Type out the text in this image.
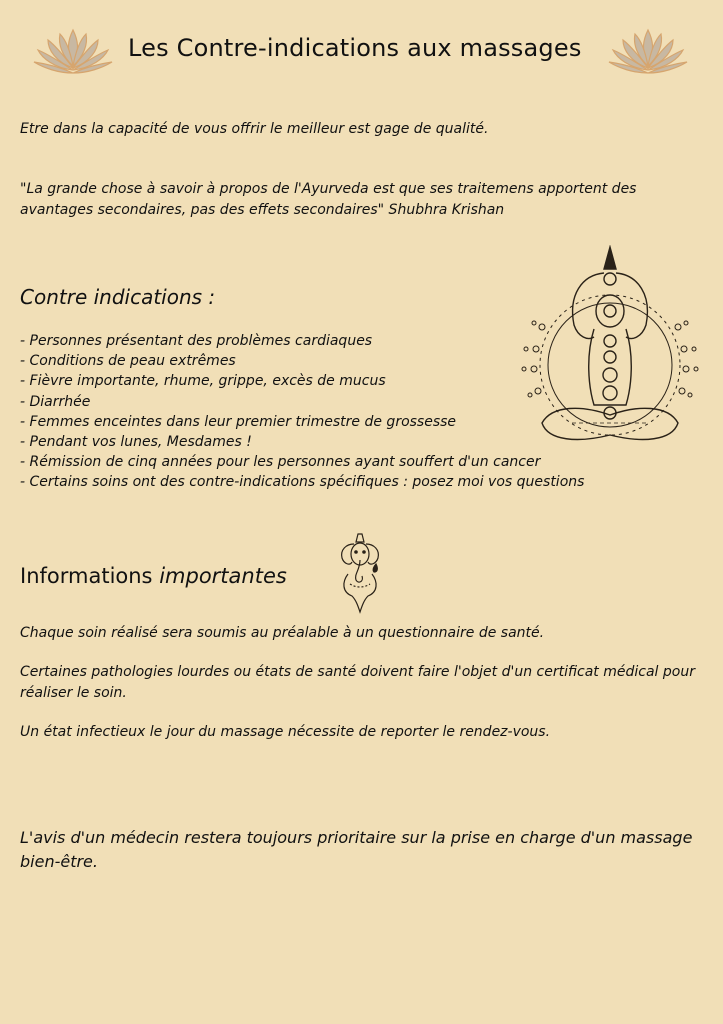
Les Contre-indications aux massages

Etre dans la capacité de vous offrir le meilleur est gage de qualité.

"La grande chose à savoir à propos de l'Ayurveda est que ses traitemens apportent des avantages secondaires, pas des effets secondaires" Shubhra Krishan

Contre indications :
- Personnes présentant des problèmes cardiaques
- Conditions de peau extrêmes
- Fièvre importante, rhume, grippe, excès de mucus
- Diarrhée
- Femmes enceintes dans leur premier trimestre de grossesse
- Pendant vos lunes, Mesdames !
- Rémission de cinq années pour les personnes ayant souffert d'un cancer
- Certains soins ont des contre-indications spécifiques : posez moi vos questions
Informations importantes

Chaque soin réalisé sera soumis au préalable à un questionnaire de santé.

Certaines pathologies lourdes ou états de santé doivent faire l'objet d'un certificat médical pour réaliser le soin.

Un état infectieux le jour du massage nécessite de reporter le rendez-vous.

L'avis d'un médecin restera toujours prioritaire sur la prise en charge d'un massage bien-être.
